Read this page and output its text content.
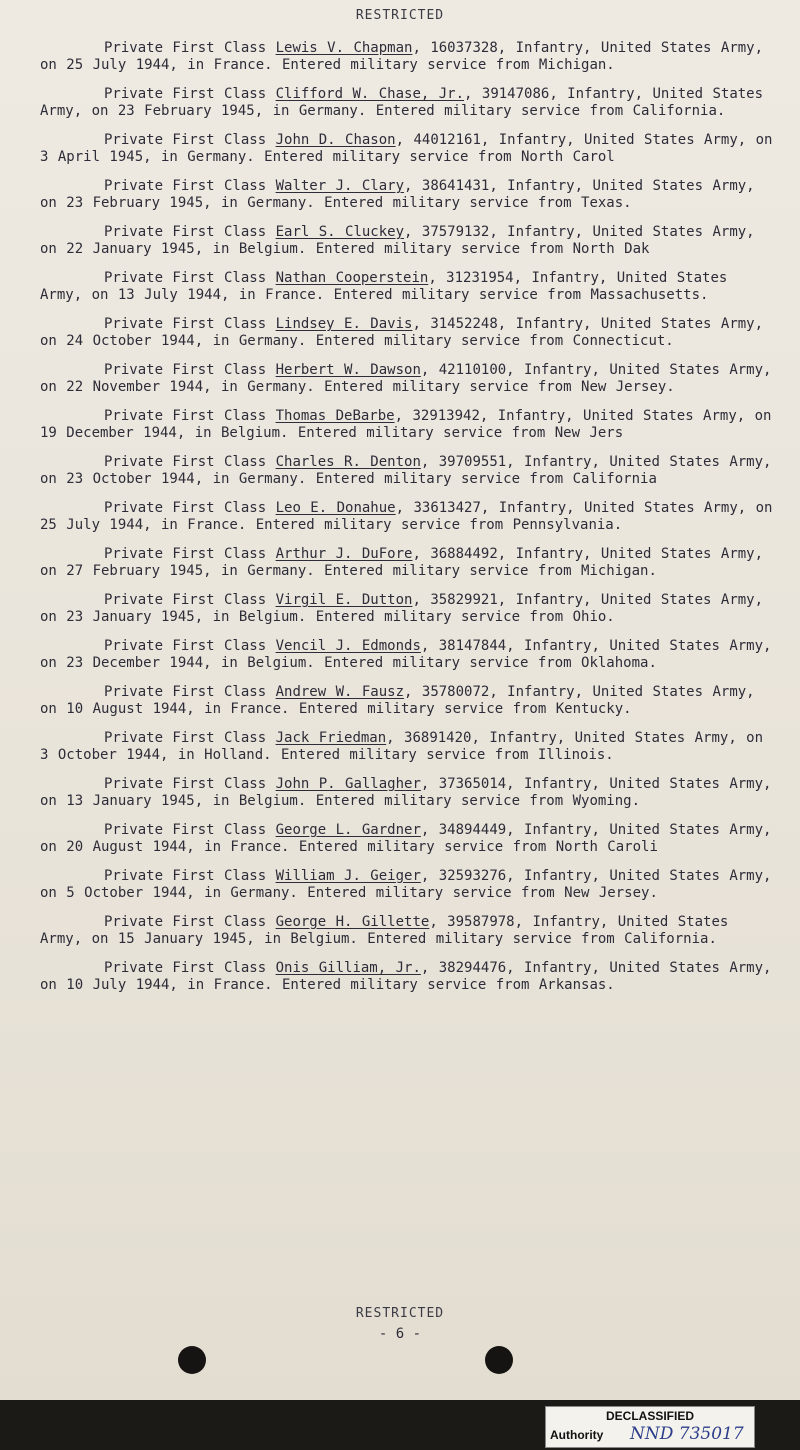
RESTRICTED

Private First Class Lewis V. Chapman, 16037328, Infantry, United States Army, on 25 July 1944, in France. Entered military service from Michigan.

Private First Class Clifford W. Chase, Jr., 39147086, Infantry, United States Army, on 23 February 1945, in Germany. Entered military service from California.

Private First Class John D. Chason, 44012161, Infantry, United States Army, on 3 April 1945, in Germany. Entered military service from North Carol

Private First Class Walter J. Clary, 38641431, Infantry, United States Army, on 23 February 1945, in Germany. Entered military service from Texas.

Private First Class Earl S. Cluckey, 37579132, Infantry, United States Army, on 22 January 1945, in Belgium. Entered military service from North Dak

Private First Class Nathan Cooperstein, 31231954, Infantry, United States Army, on 13 July 1944, in France. Entered military service from Massachusetts.

Private First Class Lindsey E. Davis, 31452248, Infantry, United States Army, on 24 October 1944, in Germany. Entered military service from Connecticut.

Private First Class Herbert W. Dawson, 42110100, Infantry, United States Army, on 22 November 1944, in Germany. Entered military service from New Jersey.

Private First Class Thomas DeBarbe, 32913942, Infantry, United States Army, on 19 December 1944, in Belgium. Entered military service from New Jers

Private First Class Charles R. Denton, 39709551, Infantry, United States Army, on 23 October 1944, in Germany. Entered military service from California

Private First Class Leo E. Donahue, 33613427, Infantry, United States Army, on 25 July 1944, in France. Entered military service from Pennsylvania.

Private First Class Arthur J. DuFore, 36884492, Infantry, United States Army, on 27 February 1945, in Germany. Entered military service from Michigan.

Private First Class Virgil E. Dutton, 35829921, Infantry, United States Army, on 23 January 1945, in Belgium. Entered military service from Ohio.

Private First Class Vencil J. Edmonds, 38147844, Infantry, United States Army, on 23 December 1944, in Belgium. Entered military service from Oklahoma.

Private First Class Andrew W. Fausz, 35780072, Infantry, United States Army, on 10 August 1944, in France. Entered military service from Kentucky.

Private First Class Jack Friedman, 36891420, Infantry, United States Army, on 3 October 1944, in Holland. Entered military service from Illinois.

Private First Class John P. Gallagher, 37365014, Infantry, United States Army, on 13 January 1945, in Belgium. Entered military service from Wyoming.

Private First Class George L. Gardner, 34894449, Infantry, United States Army, on 20 August 1944, in France. Entered military service from North Caroli

Private First Class William J. Geiger, 32593276, Infantry, United States Army, on 5 October 1944, in Germany. Entered military service from New Jersey.

Private First Class George H. Gillette, 39587978, Infantry, United States Army, on 15 January 1945, in Belgium. Entered military service from California.

Private First Class Onis Gilliam, Jr., 38294476, Infantry, United States Army, on 10 July 1944, in France. Entered military service from Arkansas.

RESTRICTED
- 6 -
DECLASSIFIED
Authority NND 735017
